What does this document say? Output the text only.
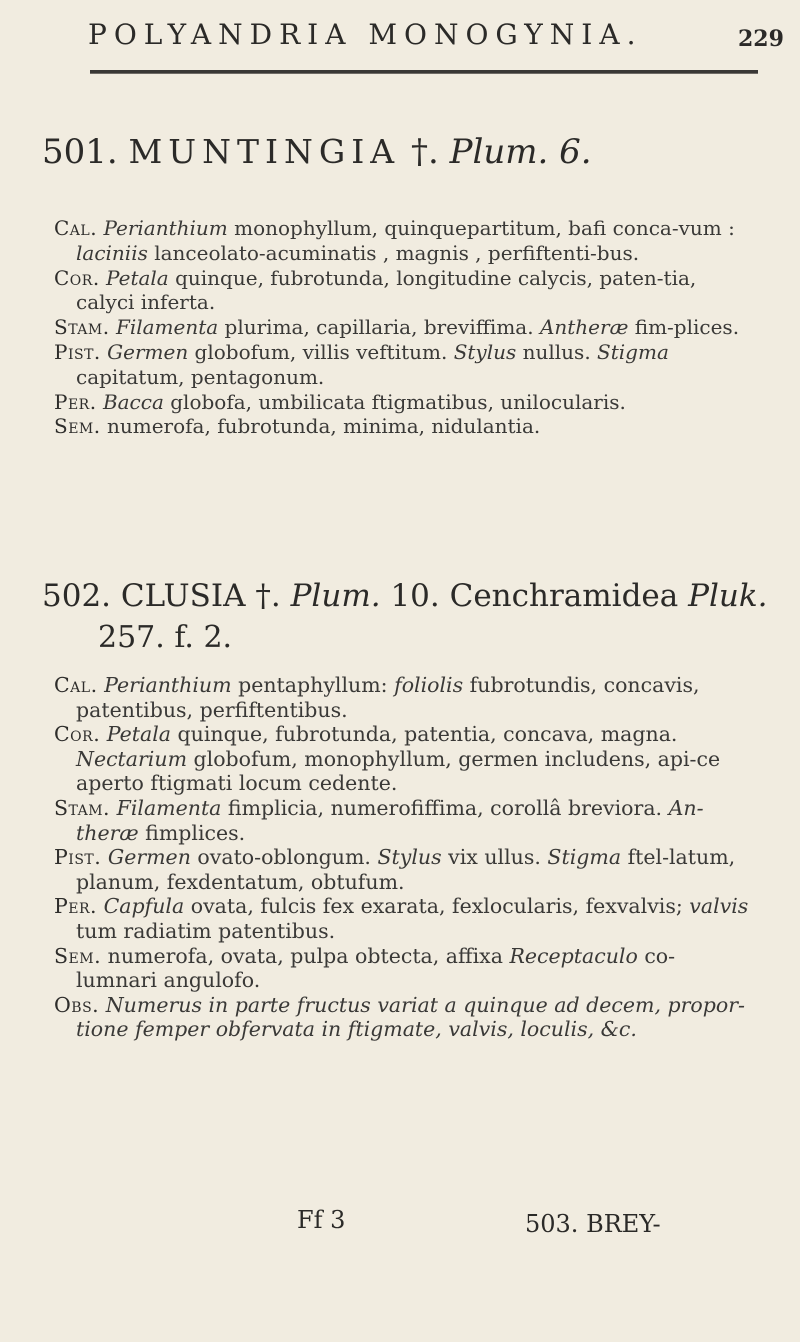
POLYANDRIA MONOGYNIA.	229
501. MUNTINGIA †. Plum. 6.

Cal. Perianthium monophyllum, quinquepartitum, bafi conca-vum : laciniis lanceolato-acuminatis , magnis , perfiftenti-bus.

Cor. Petala quinque, fubrotunda, longitudine calycis, paten-tia, calyci inferta.

Stam. Filamenta plurima, capillaria, breviffima. Antheræ fim-plices.

Pist. Germen globofum, villis veftitum. Stylus nullus. Stigma capitatum, pentagonum.

Per. Bacca globofa, umbilicata ftigmatibus, unilocularis.

Sem. numerofa, fubrotunda, minima, nidulantia.

502. CLUSIA †. Plum. 10. Cenchramidea Pluk.
257. f. 2.

Cal. Perianthium pentaphyllum: foliolis fubrotundis, concavis, patentibus, perfiftentibus.

Cor. Petala quinque, fubrotunda, patentia, concava, magna. Nectarium globofum, monophyllum, germen includens, api-ce aperto ftigmati locum cedente.

Stam. Filamenta fimplicia, numerofiffima, corollâ breviora. An-theræ fimplices.

Pist. Germen ovato-oblongum. Stylus vix ullus. Stigma ftel-latum, planum, fexdentatum, obtufum.

Per. Capfula ovata, fulcis fex exarata, fexlocularis, fexvalvis; valvis tum radiatim patentibus.

Sem. numerofa, ovata, pulpa obtecta, affixa Receptaculo co-lumnari angulofo.

Obs. Numerus in parte fructus variat a quinque ad decem, propor-tione femper obfervata in ftigmate, valvis, loculis, &c.

Ff 3	503. BREY-
